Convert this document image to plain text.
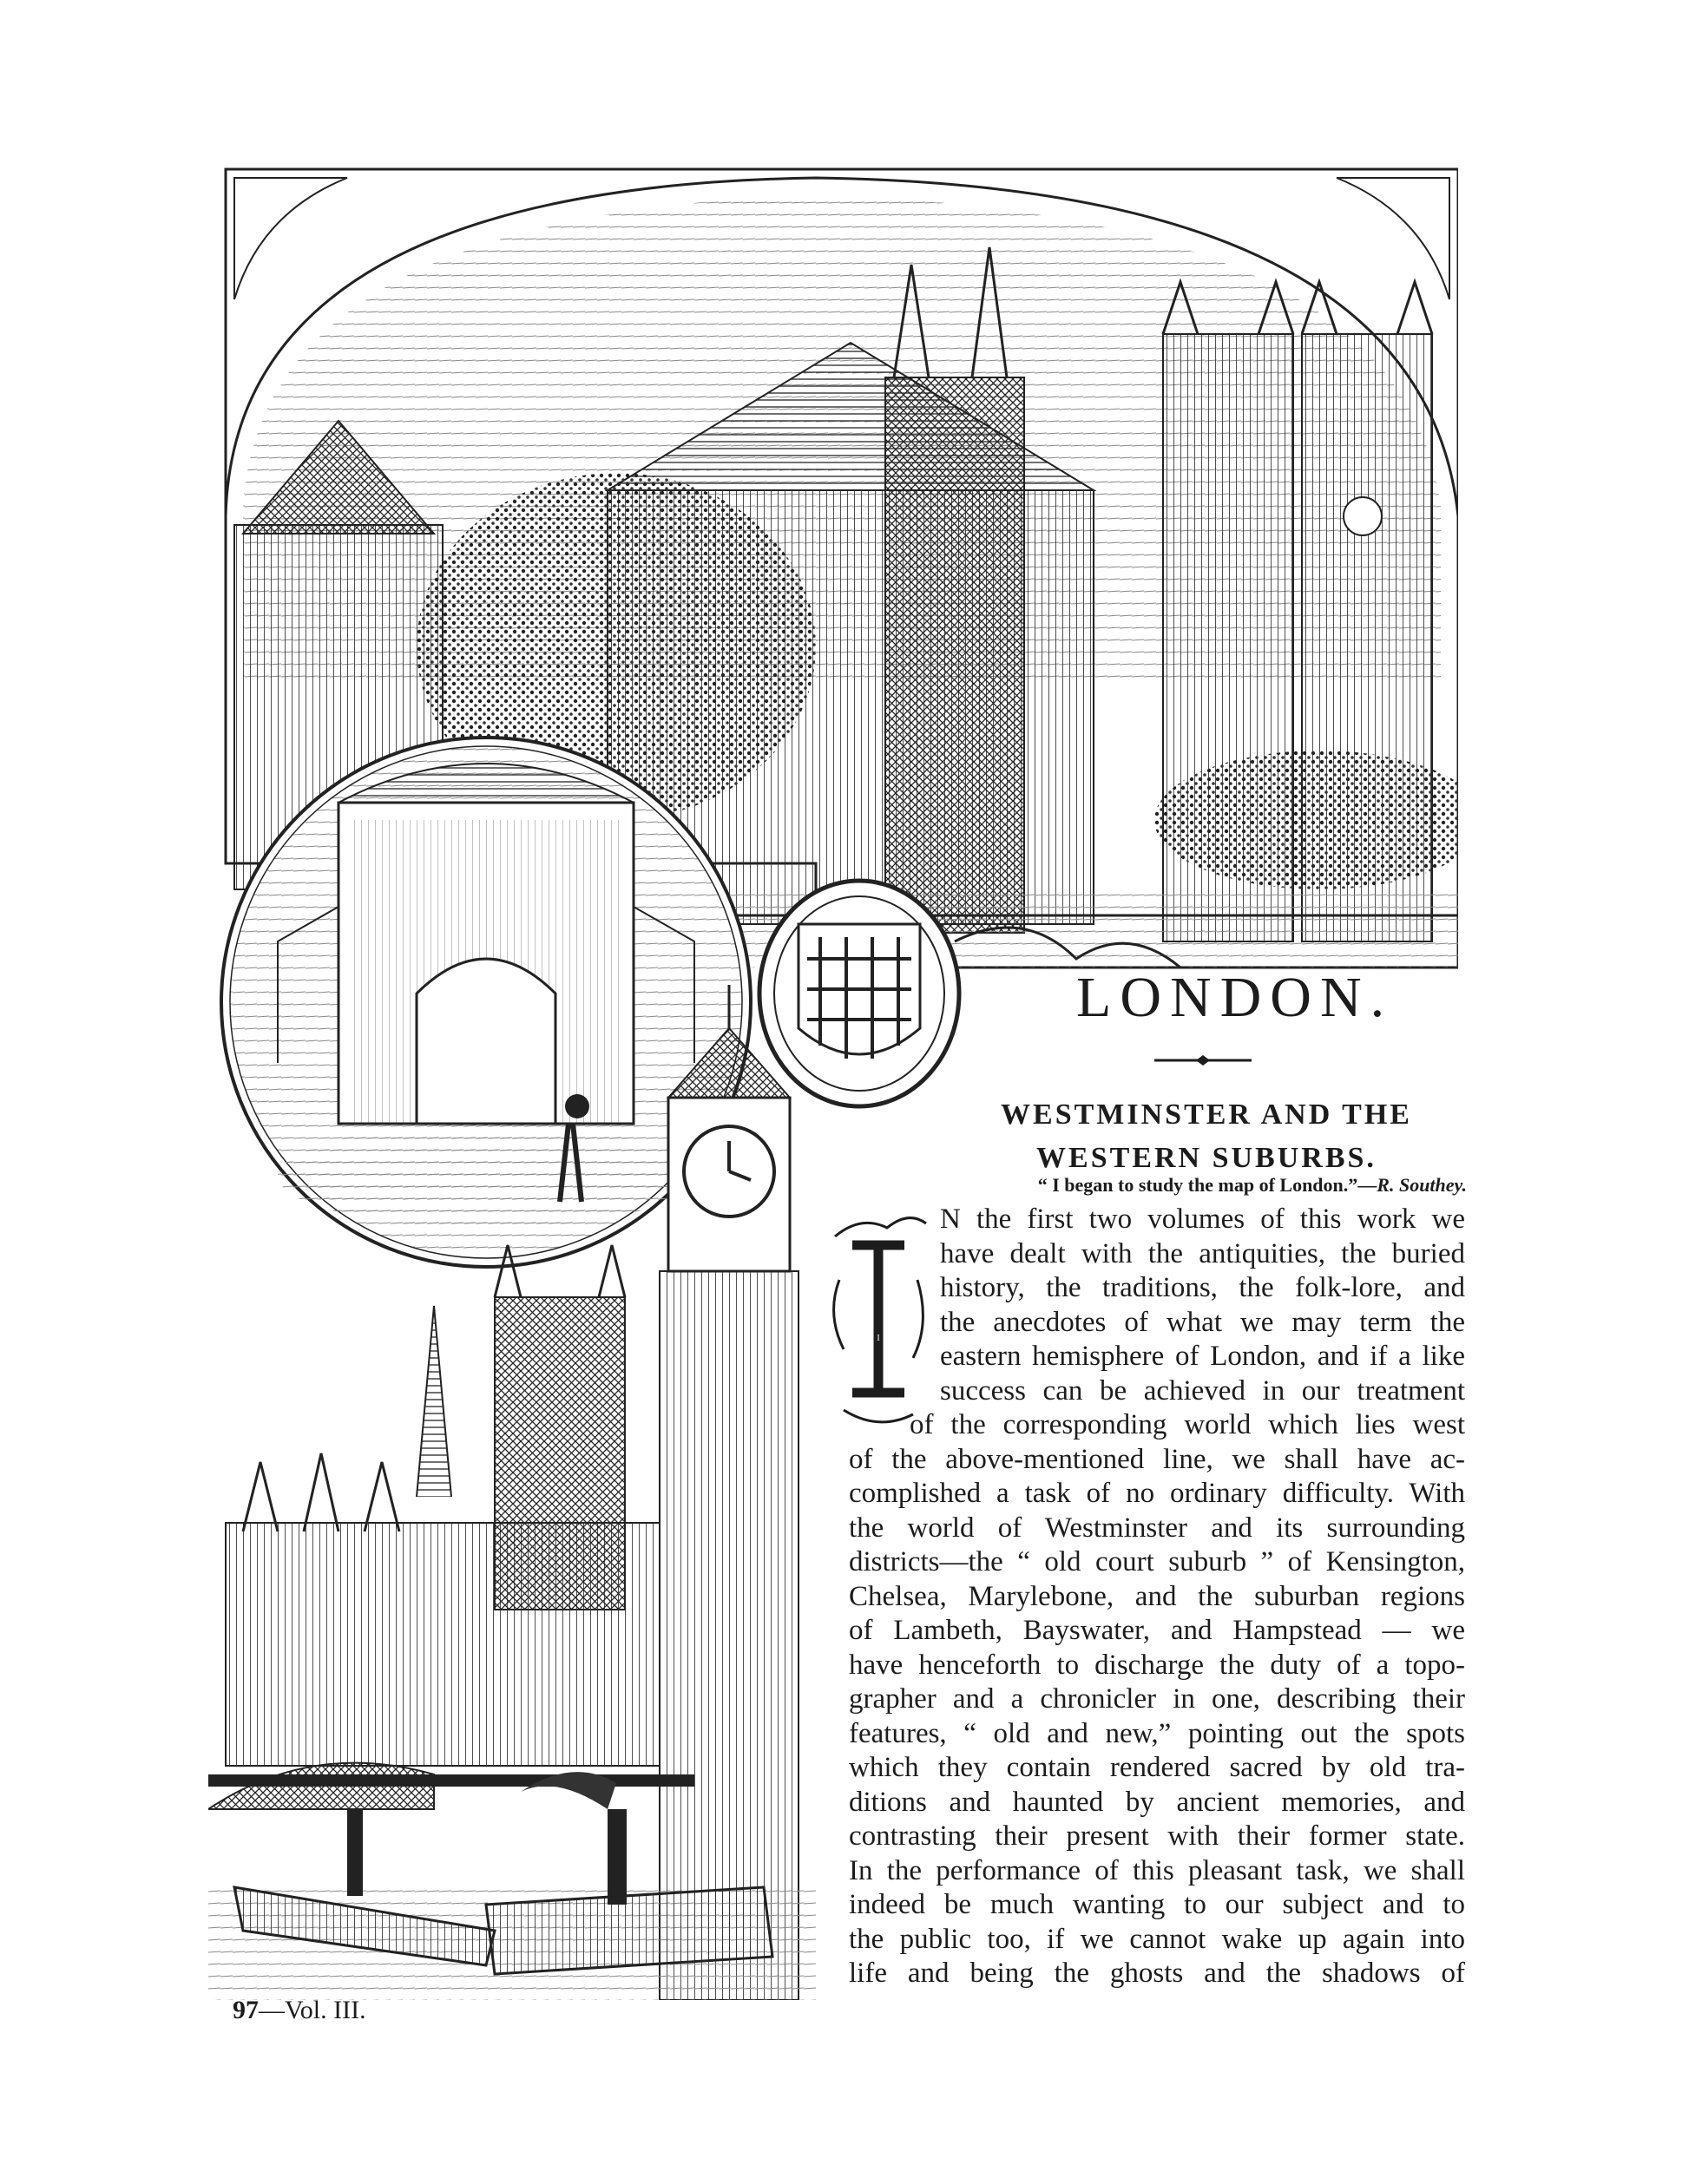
LONDON.
WESTMINSTER AND THE WESTERN SUBURBS.

“ I began to study the map of London.”—R. Southey.

I
N the first two volumes of this work we
have dealt with the antiquities, the buried
history, the traditions, the folk-lore, and
the anecdotes of what we may term the
eastern hemisphere of London, and if a like
success can be achieved in our treatment
of the corresponding world which lies west
of the above-mentioned line, we shall have ac-
complished a task of no ordinary difficulty. With
the world of Westminster and its surrounding
districts—the “ old court suburb ” of Kensington,
Chelsea, Marylebone, and the suburban regions
of Lambeth, Bayswater, and Hampstead — we
have henceforth to discharge the duty of a topo-
grapher and a chronicler in one, describing their
features, “ old and new,” pointing out the spots
which they contain rendered sacred by old tra-
ditions and haunted by ancient memories, and
contrasting their present with their former state.
In the performance of this pleasant task, we shall
indeed be much wanting to our subject and to
the public too, if we cannot wake up again into
life and being the ghosts and the shadows of

97—Vol. III.
